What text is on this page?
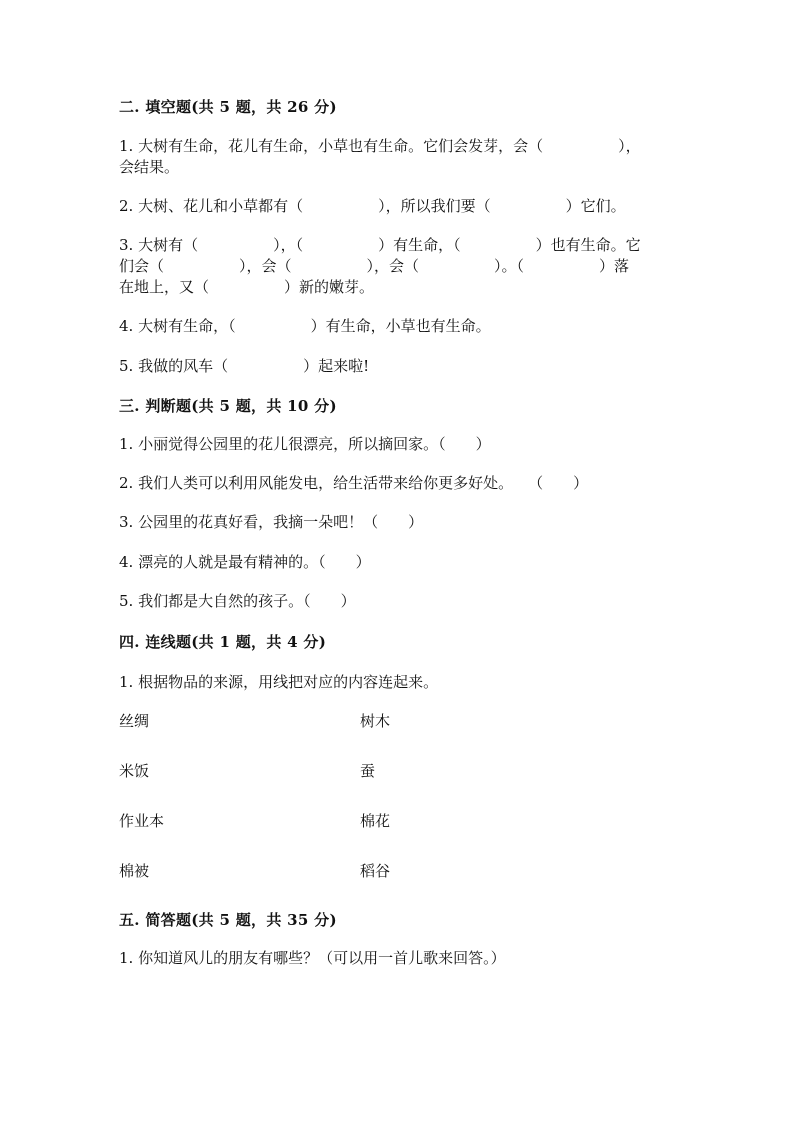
二. 填空题(共 5 题，共 26 分)
1. 大树有生命，花儿有生命，小草也有生命。它们会发芽，会（　　　　　），
会结果。
2. 大树、花儿和小草都有（　　　　　），所以我们要（　　　　　）它们。
3. 大树有（　　　　　），（　　　　　）有生命，（　　　　　）也有生命。它
们会（　　　　　），会（　　　　　），会（　　　　　）。（　　　　　）落
在地上，又（　　　　　）新的嫩芽。
4. 大树有生命，（　　　　　）有生命，小草也有生命。
5. 我做的风车（　　　　　）起来啦!
三. 判断题(共 5 题，共 10 分)
1. 小丽觉得公园里的花儿很漂亮，所以摘回家。（　　）
2. 我们人类可以利用风能发电，给生活带来给你更多好处。　　（　　）
3. 公园里的花真好看，我摘一朵吧！（　　）
4. 漂亮的人就是最有精神的。（　　）
5. 我们都是大自然的孩子。（　　）
四. 连线题(共 1 题，共 4 分)
1. 根据物品的来源，用线把对应的内容连起来。
丝绸	树木
米饭	蚕
作业本	棉花
棉被	稻谷
五. 简答题(共 5 题，共 35 分)
1. 你知道风儿的朋友有哪些？（可以用一首儿歌来回答。）
